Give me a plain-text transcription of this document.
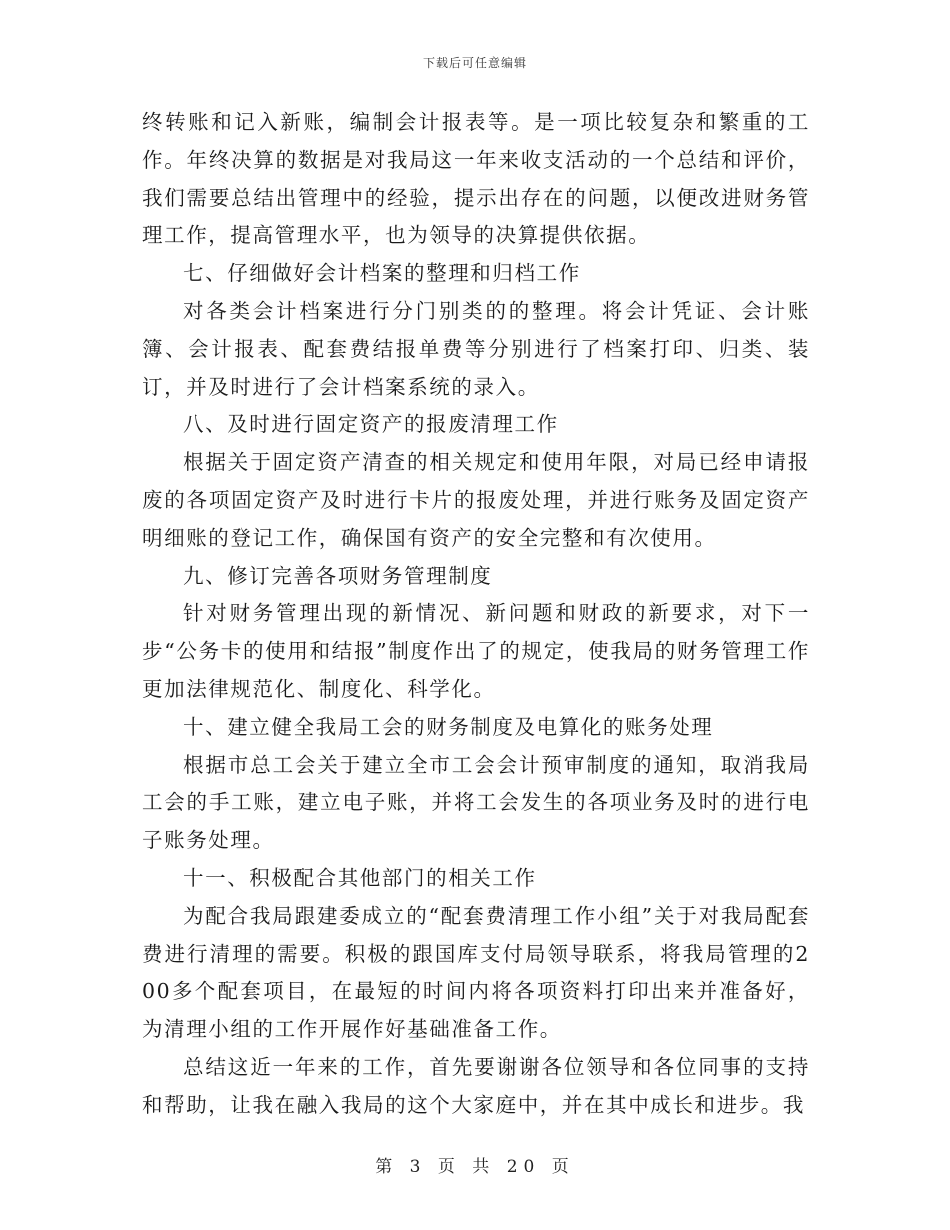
下载后可任意编辑

终转账和记入新账，编制会计报表等。是一项比较复杂和繁重的工作。年终决算的数据是对我局这一年来收支活动的一个总结和评价，我们需要总结出管理中的经验，提示出存在的问题，以便改进财务管理工作，提高管理水平，也为领导的决算提供依据。

七、仔细做好会计档案的整理和归档工作

对各类会计档案进行分门别类的的整理。将会计凭证、会计账簿、会计报表、配套费结报单费等分别进行了档案打印、归类、装订，并及时进行了会计档案系统的录入。

八、及时进行固定资产的报废清理工作

根据关于固定资产清查的相关规定和使用年限，对局已经申请报废的各项固定资产及时进行卡片的报废处理，并进行账务及固定资产明细账的登记工作，确保国有资产的安全完整和有次使用。

九、修订完善各项财务管理制度

针对财务管理出现的新情况、新问题和财政的新要求，对下一步“公务卡的使用和结报”制度作出了的规定，使我局的财务管理工作更加法律规范化、制度化、科学化。

十、建立健全我局工会的财务制度及电算化的账务处理

根据市总工会关于建立全市工会会计预审制度的通知，取消我局工会的手工账，建立电子账，并将工会发生的各项业务及时的进行电子账务处理。

十一、积极配合其他部门的相关工作

为配合我局跟建委成立的“配套费清理工作小组”关于对我局配套费进行清理的需要。积极的跟国库支付局领导联系，将我局管理的200多个配套项目，在最短的时间内将各项资料打印出来并准备好，为清理小组的工作开展作好基础准备工作。

总结这近一年来的工作，首先要谢谢各位领导和各位同事的支持和帮助，让我在融入我局的这个大家庭中，并在其中成长和进步。我

第 3 页 共 20 页
